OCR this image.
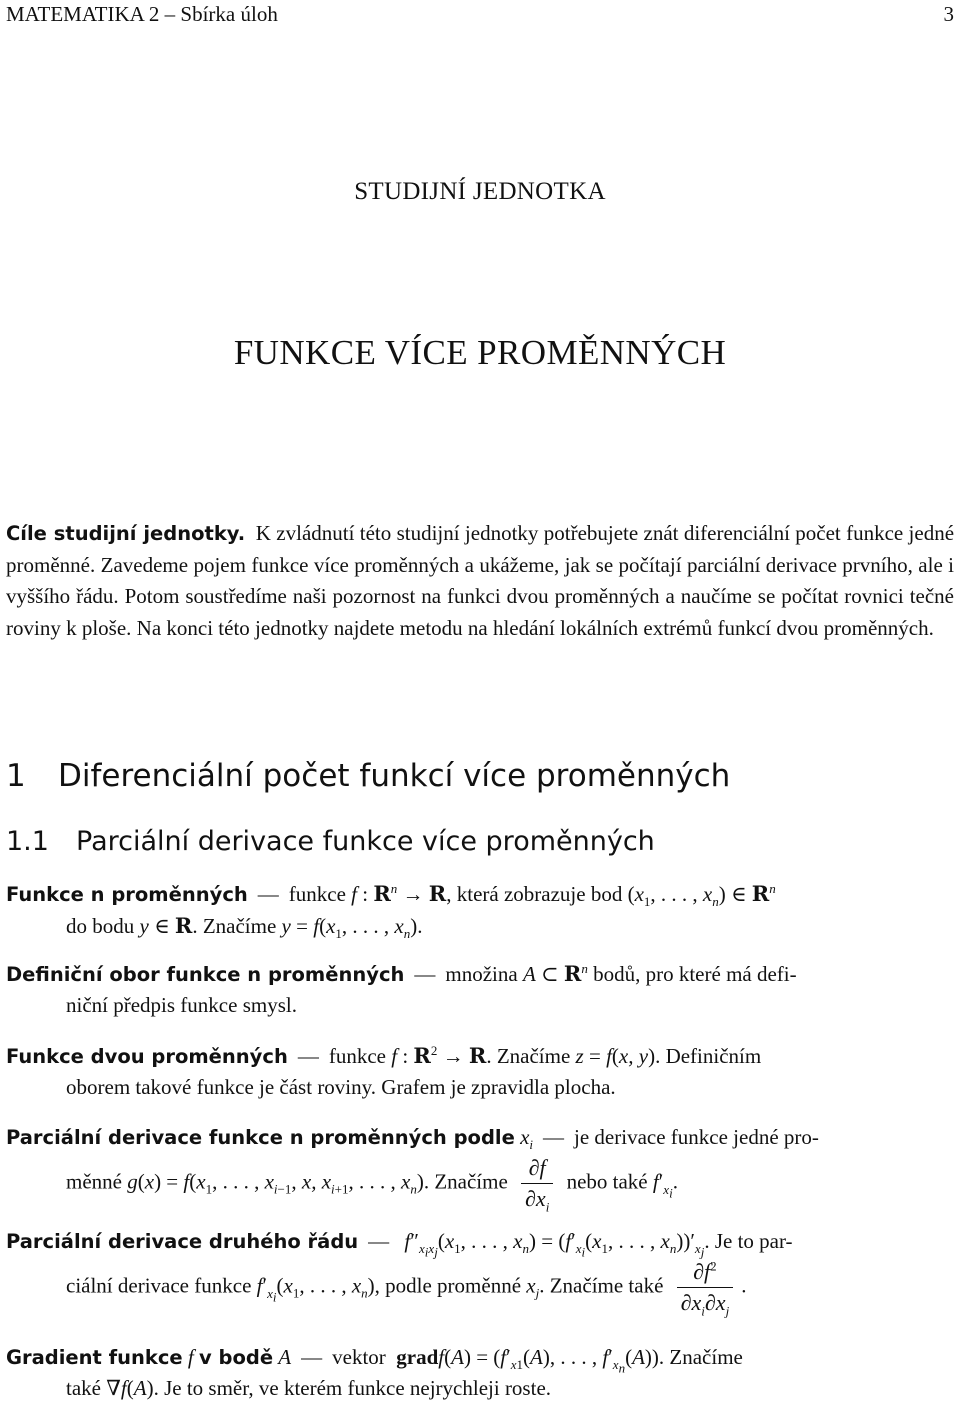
MATEMATIKA 2 – Sbírka úloh	3
STUDIJNÍ JEDNOTKA
FUNKCE VÍCE PROMĚNNÝCH
Cíle studijní jednotky. K zvládnutí této studijní jednotky potřebujete znát diferenciální počet funkce jedné proměnné. Zavedeme pojem funkce více proměnných a ukážeme, jak se počítají parciální derivace prvního, ale i vyššího řádu. Potom soustředíme naši pozornost na funkci dvou proměnných a naučíme se počítat rovnici tečné roviny k ploše. Na konci této jednotky najdete metodu na hledání lokálních extrémů funkcí dvou proměnných.
1 Diferenciální počet funkcí více proměnných
1.1 Parciální derivace funkce více proměnných
Funkce n proměnných — funkce f : $R^n \to R$, která zobrazuje bod ($x_1$, . . . , $x_n$) ∈ $R^n$
do bodu y ∈ R. Značíme $y = f(x_1$, . . . , $x_n$).
Definiční obor funkce n proměnných — množina A ⊂ $R^n$ bodů, pro které má defi-
niční předpis funkce smysl.
Funkce dvou proměnných — funkce f : $R^2 \to R$. Značíme z = f(x, y). Definičním
oborem takové funkce je část roviny. Grafem je zpravidla plocha.
Parciální derivace funkce n proměnných podle $x_i$ — je derivace funkce jedné pro-
měnné $g(x) = f(x_1$, . . . , $x_{i-1}$, x, $x_{i+1}$, . . . , $x_n$). Značíme $\frac{\partial f}{\partial x_i}$ nebo také $f'_{x_i}$.
Parciální derivace druhého řádu — $f''_{x_ix_j}(x_1$, . . . , $x_n) = (f'_{x_i}(x_1$, . . . , $x_n))'_{x_j}$. Je to par-
ciální derivace funkce $f'_{x_i}(x_1$, . . . , $x_n$), podle proměnné $x_j$. Značíme také $\frac{\partial f^2}{\partial x_i\partial x_j}$ .
Gradient funkce f v bodě A — vektor gradf(A) = ($f'_{x1}(A)$, . . . , $f'_{x_n}(A)$). Značíme
také ∇f(A). Je to směr, ve kterém funkce nejrychleji roste.
